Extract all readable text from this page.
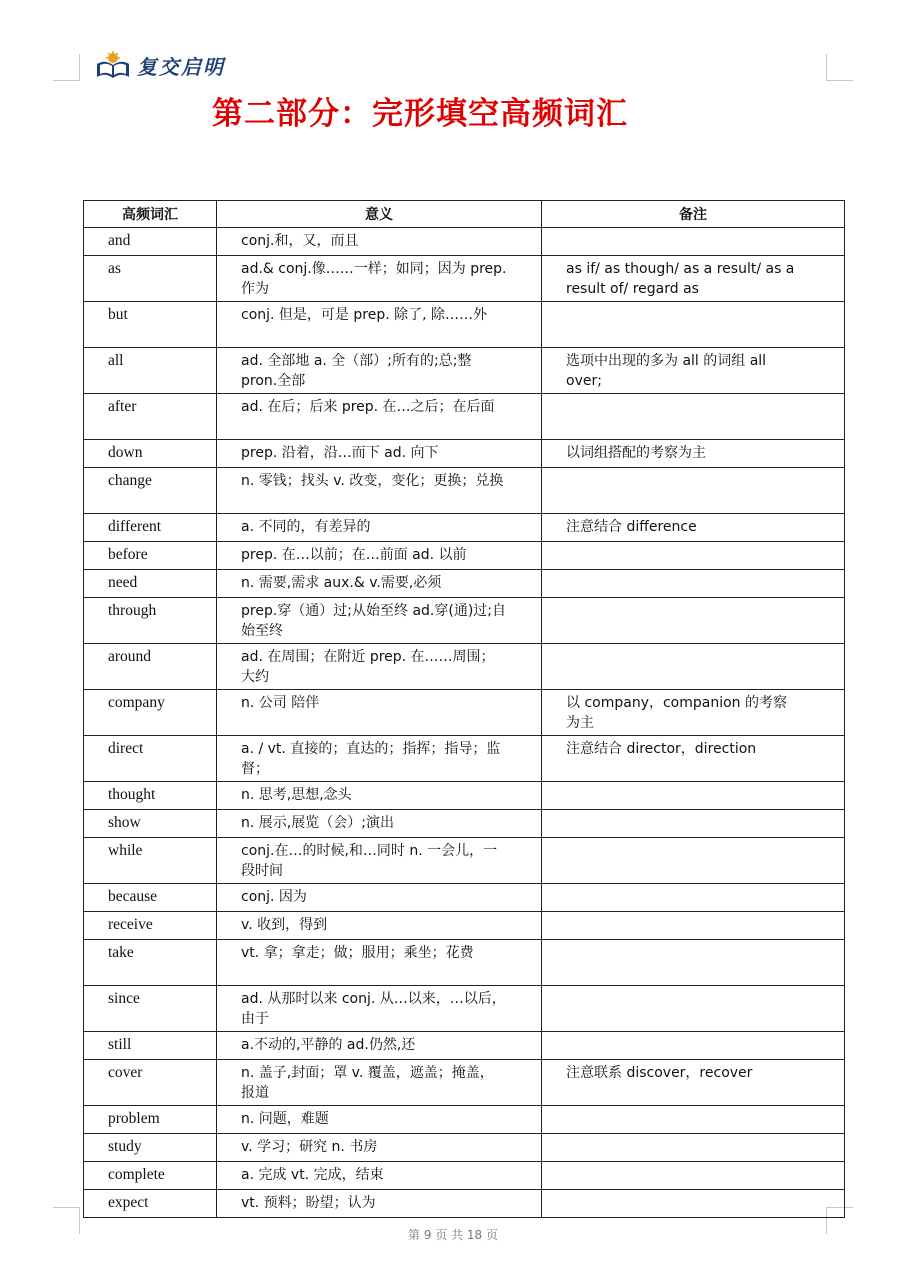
复交启明
第二部分：完形填空高频词汇
高频词汇	意义	备注
and	conj.和，又，而且	
as	ad.& conj.像……一样；如同；因为 prep. 作为	as if/ as though/ as a result/ as a result of/ regard as
but	conj. 但是，可是 prep. 除了, 除……外	
all	ad. 全部地 a. 全（部）;所有的;总;整 pron.全部	选项中出现的多为 all 的词组 all over;
after	ad. 在后；后来 prep. 在…之后；在后面	
down	prep. 沿着，沿…而下 ad. 向下	以词组搭配的考察为主
change	n. 零钱；找头 v. 改变，变化；更换；兑换	
different	a. 不同的，有差异的	注意结合 difference
before	prep. 在…以前；在…前面 ad. 以前	
need	n. 需要,需求 aux.& v.需要,必须	
through	prep.穿（通）过;从始至终 ad.穿(通)过;自始至终	
around	ad. 在周围；在附近 prep. 在……周围；大约	
company	n. 公司 陪伴	以 company，companion 的考察为主
direct	a. / vt. 直接的；直达的；指挥；指导；监督；	注意结合 director，direction
thought	n. 思考,思想,念头	
show	n. 展示,展览（会）;演出	
while	conj.在…的时候,和…同时 n. 一会儿，一段时间	
because	conj. 因为	
receive	v. 收到，得到	
take	vt. 拿；拿走；做；服用；乘坐；花费	
since	ad. 从那时以来 conj. 从…以来，…以后，由于	
still	a.不动的,平静的 ad.仍然,还	
cover	n. 盖子,封面；罩 v. 覆盖，遮盖；掩盖，报道	注意联系 discover，recover
problem	n. 问题，难题	
study	v. 学习；研究 n. 书房	
complete	a. 完成 vt. 完成，结束	
expect	vt. 预料；盼望；认为	
第 9 页 共 18 页
